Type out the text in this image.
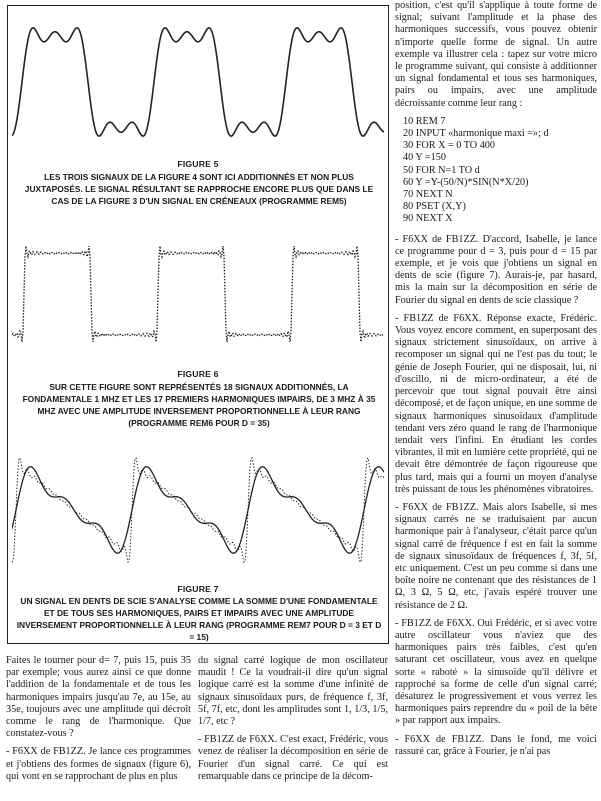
FIGURE 5
LES TROIS SIGNAUX DE LA FIGURE 4 SONT ICI ADDITIONNÉS ET NON PLUS JUXTAPOSÉS. LE SIGNAL RÉSULTANT SE RAPPROCHE ENCORE PLUS QUE DANS LE CAS DE LA FIGURE 3 D'UN SIGNAL EN CRÉNEAUX (PROGRAMME REM5)
FIGURE 6
SUR CETTE FIGURE SONT REPRÉSENTÉS 18 SIGNAUX ADDITIONNÉS, LA FONDAMENTALE 1 MHZ ET LES 17 PREMIERS HARMONIQUES IMPAIRS, DE 3 MHZ À 35 MHZ AVEC UNE AMPLITUDE INVERSEMENT PROPORTIONNELLE À LEUR RANG (PROGRAMME REM6 POUR D = 35)
FIGURE 7
UN SIGNAL EN DENTS DE SCIE S'ANALYSE COMME LA SOMME D'UNE FONDAMENTALE ET DE TOUS SES HARMONIQUES, PAIRS ET IMPAIRS AVEC UNE AMPLITUDE INVERSEMENT PROPORTIONNELLE À LEUR RANG (PROGRAMME REM7 POUR D = 3 ET D = 15)

position, c'est qu'il s'applique à toute forme de signal; suivant l'amplitude et la phase des harmoniques successifs, vous pouvez obtenir n'importe quelle forme de signal. Un autre exemple va illustrer cela : tapez sur votre micro le programme suivant, qui consiste à additionner un signal fondamental et tous ses harmoniques, pairs ou impairs, avec une amplitude décroissante comme leur rang :

10 REM 7
20 INPUT «harmonique maxi =»; d
30 FOR X = 0 TO 400
40 Y =150
50 FOR N=1 TO d
60 Y =Y-(50/N)*SIN(N*X/20)
70 NEXT N
80 PSET (X,Y)
90 NEXT X

- F6XX de FB1ZZ. D'accord, Isabelle, je lance ce programme pour d = 3, puis pour d = 15 par exemple, et je vois que j'obtiens un signal en dents de scie (figure 7). Aurais-je, par hasard, mis la main sur la décomposition en série de Fourier du signal en dents de scie classique ?

- FB1ZZ de F6XX. Réponse exacte, Frédéric. Vous voyez encore comment, en superposant des signaux strictement sinusoïdaux, on arrive à recomposer un signal qui ne l'est pas du tout; le génie de Joseph Fourier, qui ne disposait, lui, ni d'oscillo, ni de micro-ordinateur, a été de percevoir que tout signal pouvait être ainsi décomposé, et de façon unique, en une somme de signaux harmoniques sinusoïdaux d'amplitude tendant vers zéro quand le rang de l'harmonique tendait vers l'infini. En étudiant les cordes vibrantes, il mit en lumière cette propriété, qui ne devait être démontrée de façon rigoureuse que plus tard, mais qui a fourni un moyen d'analyse très puissant de tous les phénomènes vibratoires.

- F6XX de FB1ZZ. Mais alors Isabelle, si mes signaux carrés ne se traduisaient par aucun harmonique pair à l'analyseur, c'était parce qu'un signal carré de fréquence f est en fait la somme de signaux sinusoïdaux de fréquences f, 3f, 5f, etc uniquement. C'est un peu comme si dans une boîte noire ne contenant que des résistances de 1 Ω, 3 Ω, 5 Ω, etc, j'avais espéré trouver une résistance de 2 Ω.

- FB1ZZ de F6XX. Oui Frédéric, et si avec votre autre oscillateur vous n'aviez que des harmoniques pairs très faibles, c'est qu'en saturant cet oscillateur, vous avez en quelque sorte « raboté » la sinusoïde qu'il délivre et rapproché sa forme de celle d'un signal carré; désaturez le progressivement et vous verrez les harmoniques pairs reprendre du « poil de la bête » par rapport aux impairs.

- F6XX de FB1ZZ. Dans le fond, me voici rassuré car, grâce à Fourier, je n'ai pas

Faites le tourner pour d= 7, puis 15, puis 35 par exemple; vous aurez ainsi ce que donne l'addition de la fondamentale et de tous les harmoniques impairs jusqu'au 7e, au 15e, au 35e, toujours avec une amplitude qui décroît comme le rang de l'harmonique. Que constatez-vous ?

- F6XX de FB1ZZ. Je lance ces programmes et j'obtiens des formes de signaux (figure 6), qui vont en se rapprochant de plus en plus

du signal carré logique de mon oscillateur maudit ! Ce la voudrait-il dire qu'un signal logique carré est la somme d'une infinité de signaux sinusoïdaux purs, de fréquence f, 3f, 5f, 7f, etc, dont les amplitudes sont 1, 1/3, 1/5, 1/7, etc ?

- FB1ZZ de F6XX. C'est exact, Frédéric, vous venez de réaliser la décomposition en série de Fourier d'un signal carré. Ce qui est remarquable dans ce principe de la décom-
